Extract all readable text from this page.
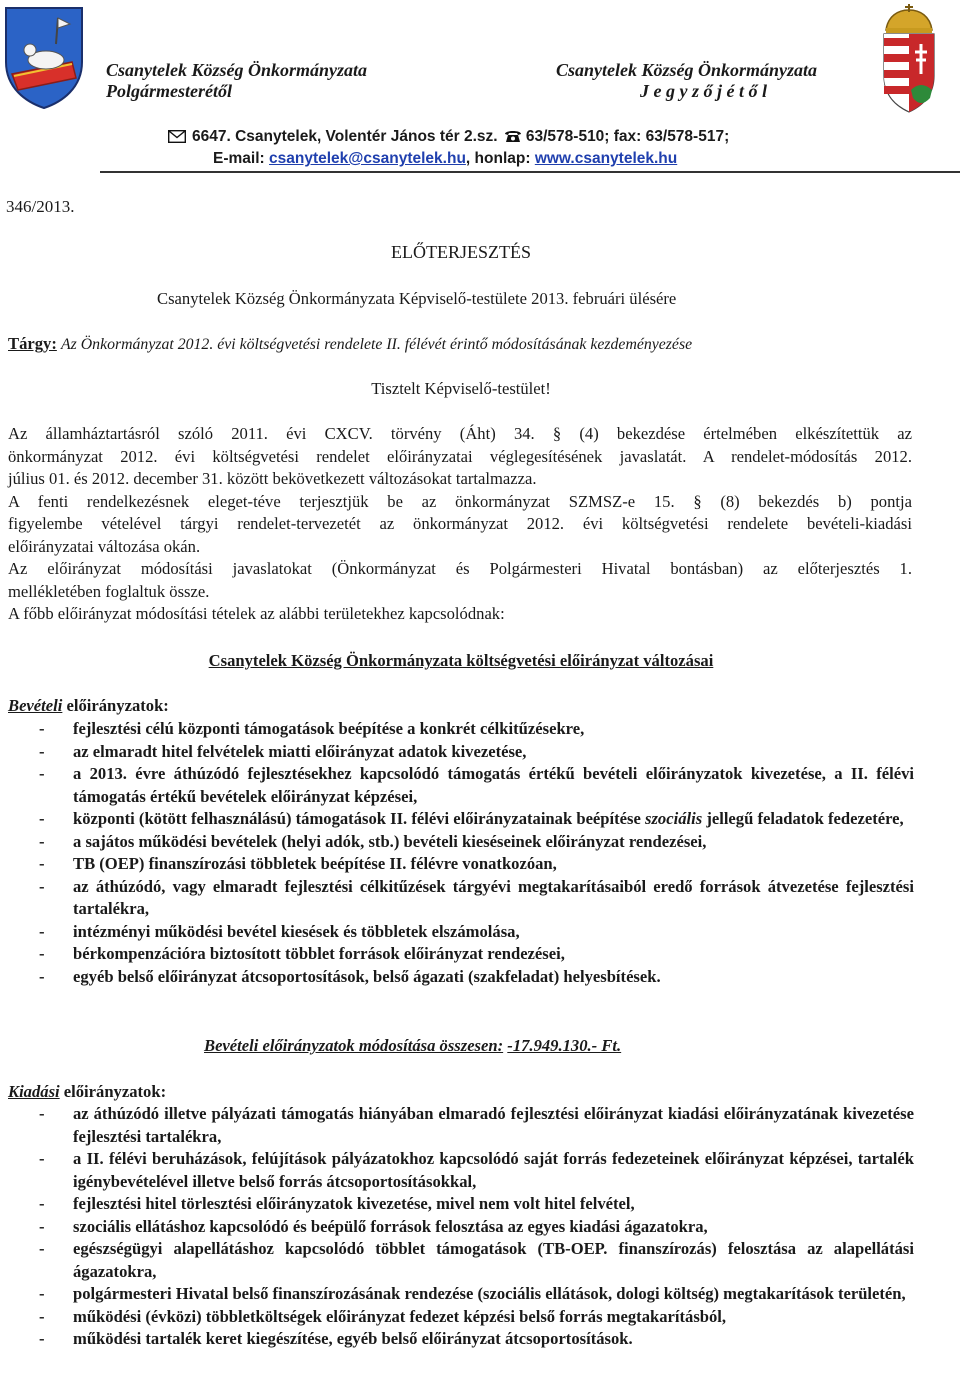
Csanytelek Község Önkormányzata
Polgármesterétől
Csanytelek Község Önkormányzata
J e g y z ő j é t ő l
6647. Csanytelek, Volentér János tér 2.sz. 63/578-510; fax: 63/578-517;
E-mail: csanytelek@csanytelek.hu, honlap: www.csanytelek.hu
346/2013.
ELŐTERJESZTÉS
Csanytelek Község Önkormányzata Képviselő-testülete 2013. februári ülésére
Tárgy: Az Önkormányzat 2012. évi költségvetési rendelete II. félévét érintő módosításának kezdeményezése
Tisztelt Képviselő-testület!
Az államháztartásról szóló 2011. évi CXCV. törvény (Áht) 34. § (4) bekezdése értelmében elkészítettük az
önkormányzat 2012. évi költségvetési rendelet előirányzatai véglegesítésének javaslatát. A rendelet-módosítás 2012.
július 01. és 2012. december 31. között bekövetkezett változásokat tartalmazza.
A fenti rendelkezésnek eleget-téve terjesztjük be az önkormányzat SZMSZ-e 15. § (8) bekezdés b) pontja
figyelembe vételével tárgyi rendelet-tervezetét az önkormányzat 2012. évi költségvetési rendelete bevételi-kiadási
előirányzatai változása okán.
Az előirányzat módosítási javaslatokat (Önkormányzat és Polgármesteri Hivatal bontásban) az előterjesztés 1.
mellékletében foglaltuk össze.
A főbb előirányzat módosítási tételek az alábbi területekhez kapcsolódnak:
Csanytelek Község Önkormányzata költségvetési előirányzat változásai
Bevételi előirányzatok:
- fejlesztési célú központi támogatások beépítése a konkrét célkitűzésekre,
- az elmaradt hitel felvételek miatti előirányzat adatok kivezetése,
- a 2013. évre áthúzódó fejlesztésekhez kapcsolódó támogatás értékű bevételi előirányzatok kivezetése, a II. félévi támogatás értékű bevételek előirányzat képzései,
- központi (kötött felhasználású) támogatások II. félévi előirányzatainak beépítése szociális jellegű feladatok fedezetére,
- a sajátos működési bevételek (helyi adók, stb.) bevételi kieséseinek előirányzat rendezései,
- TB (OEP) finanszírozási többletek beépítése II. félévre vonatkozóan,
- az áthúzódó, vagy elmaradt fejlesztési célkitűzések tárgyévi megtakarításaiból eredő források átvezetése fejlesztési tartalékra,
- intézményi működési bevétel kiesések és többletek elszámolása,
- bérkompenzációra biztosított többlet források előirányzat rendezései,
- egyéb belső előirányzat átcsoportosítások, belső ágazati (szakfeladat) helyesbítések.
Bevételi előirányzatok módosítása összesen: -17.949.130.- Ft.
Kiadási előirányzatok:
- az áthúzódó illetve pályázati támogatás hiányában elmaradó fejlesztési előirányzat kiadási előirányzatának kivezetése fejlesztési tartalékra,
- a II. félévi beruházások, felújítások pályázatokhoz kapcsolódó saját forrás fedezeteinek előirányzat képzései, tartalék igénybevételével illetve belső forrás átcsoportosításokkal,
- fejlesztési hitel törlesztési előirányzatok kivezetése, mivel nem volt hitel felvétel,
- szociális ellátáshoz kapcsolódó és beépülő források felosztása az egyes kiadási ágazatokra,
- egészségügyi alapellátáshoz kapcsolódó többlet támogatások (TB-OEP. finanszírozás) felosztása az alapellátási ágazatokra,
- polgármesteri Hivatal belső finanszírozásának rendezése (szociális ellátások, dologi költség) megtakarítások területén,
- működési (évközi) többletköltségek előirányzat fedezet képzési belső forrás megtakarításból,
- működési tartalék keret kiegészítése, egyéb belső előirányzat átcsoportosítások.
